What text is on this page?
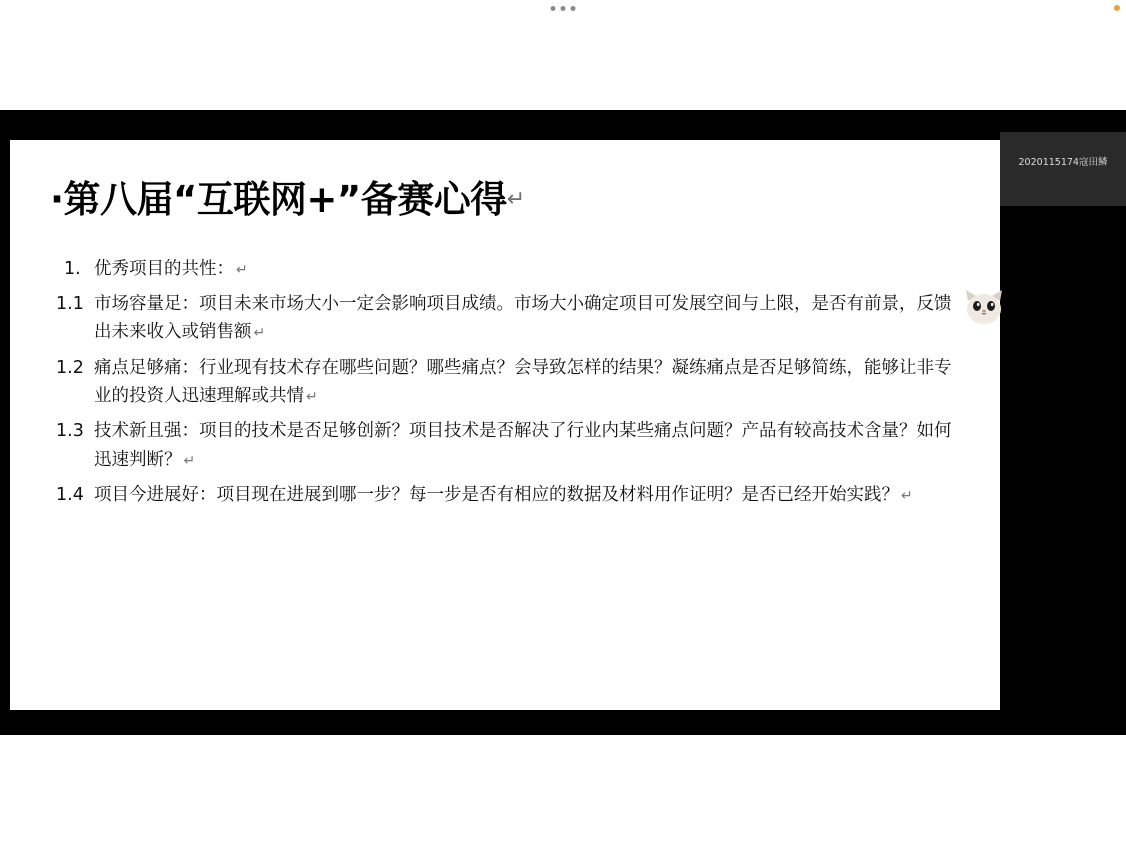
·第八届“互联网+”备赛心得↵
1. 优秀项目的共性： ↵
1.1 市场容量足：项目未来市场大小一定会影响项目成绩。市场大小确定项目可发展空间与上限，是否有前景，反馈出未来收入或销售额 ↵
1.2 痛点足够痛：行业现有技术存在哪些问题？哪些痛点？会导致怎样的结果？凝练痛点是否足够简练，能够让非专业的投资人迅速理解或共情 ↵
1.3 技术新且强：项目的技术是否足够创新？项目技术是否解决了行业内某些痛点问题？产品有较高技术含量？如何迅速判断？ ↵
1.4 项目今进展好：项目现在进展到哪一步？每一步是否有相应的数据及材料用作证明？是否已经开始实践？ ↵
2020115174寇田鳞
